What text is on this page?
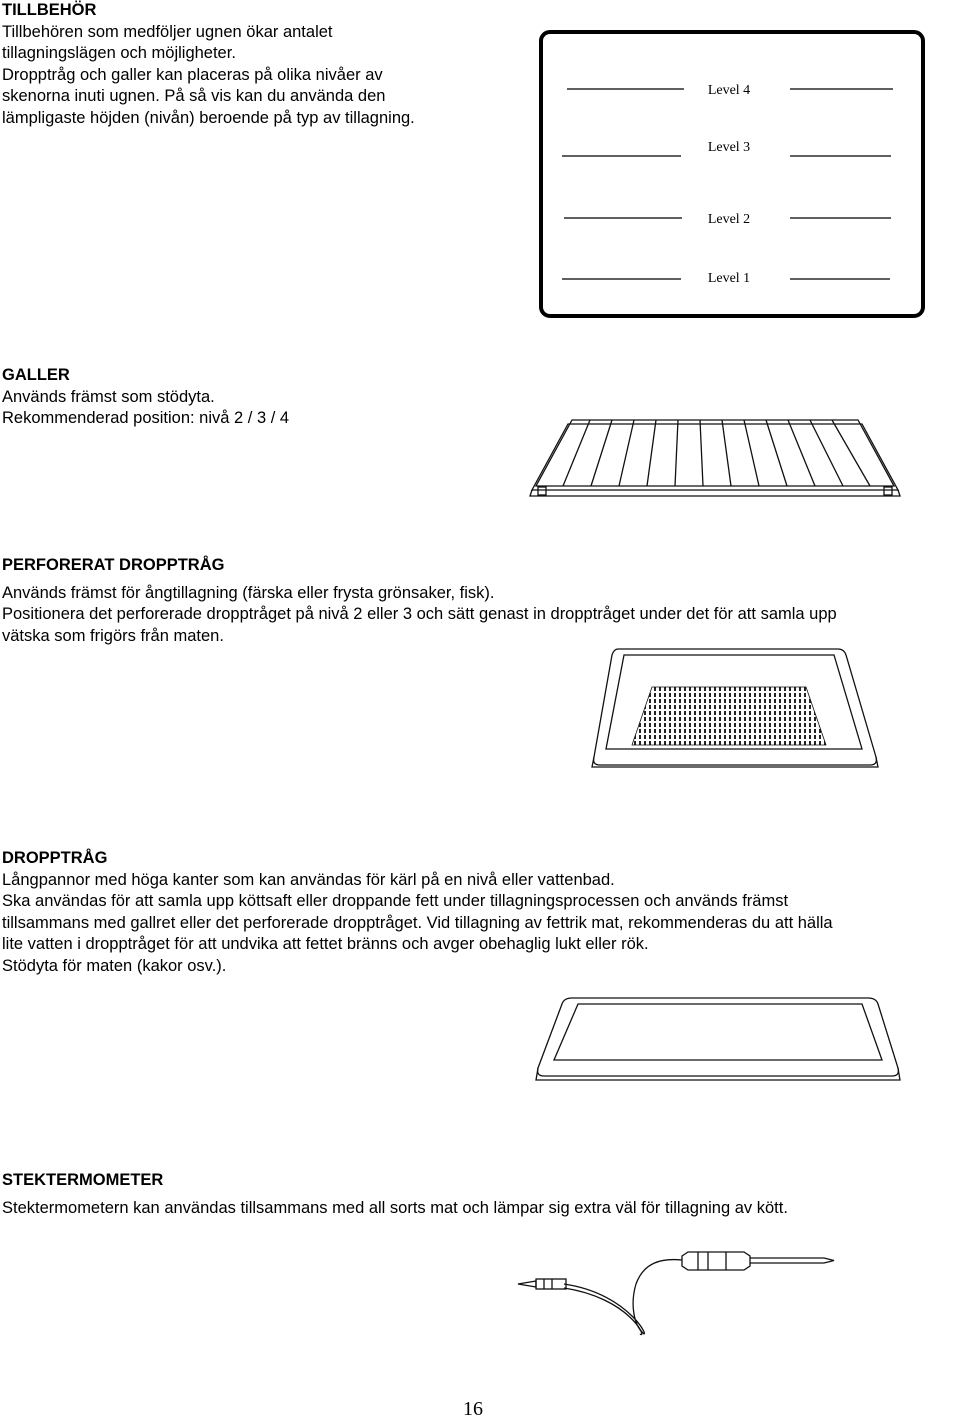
TILLBEHÖR

Tillbehören som medföljer ugnen ökar antalet

tillagningslägen och möjligheter.

Dropptråg och galler kan placeras på olika nivåer av

skenorna inuti ugnen. På så vis kan du använda den

lämpligaste höjden (nivån) beroende på typ av tillagning.

Level 4
Level 3
Level 2
Level 1
GALLER

Används främst som stödyta.

Rekommenderad position: nivå 2 / 3 / 4

PERFORERAT DROPPTRÅG

Används främst för ångtillagning (färska eller frysta grönsaker, fisk).

Positionera det perforerade dropptråget på nivå 2 eller 3 och sätt genast in dropptråget under det för att samla upp

vätska som frigörs från maten.

DROPPTRÅG

Långpannor med höga kanter som kan användas för kärl på en nivå eller vattenbad.

Ska användas för att samla upp köttsaft eller droppande fett under tillagningsprocessen och används främst

tillsammans med gallret eller det perforerade dropptråget. Vid tillagning av fettrik mat, rekommenderas du att hälla

lite vatten i dropptråget för att undvika att fettet bränns och avger obehaglig lukt eller rök.

Stödyta för maten (kakor osv.).

STEKTERMOMETER

Stektermometern kan användas tillsammans med all sorts mat och lämpar sig extra väl för tillagning av kött.

16
